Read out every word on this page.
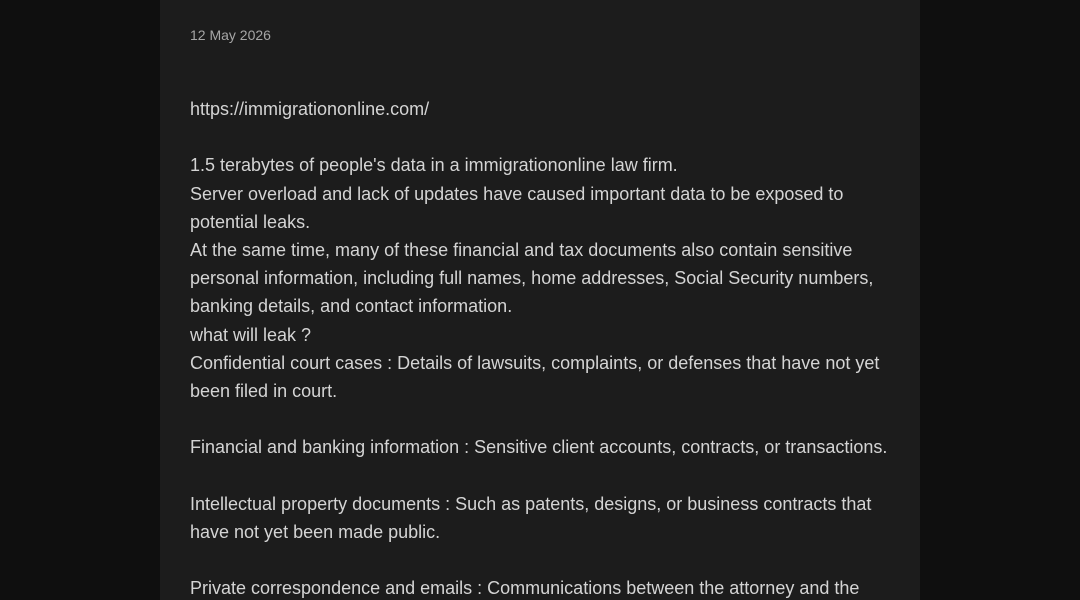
12 May 2026

https://immigrationonline.com/

1.5 terabytes of people's data in a immigrationonline law firm.

Server overload and lack of updates have caused important data to be exposed to

potential leaks.

At the same time, many of these financial and tax documents also contain sensitive

personal information, including full names, home addresses, Social Security numbers,

banking details, and contact information.

what will leak ?

Confidential court cases : Details of lawsuits, complaints, or defenses that have not yet

been filed in court.

Financial and banking information : Sensitive client accounts, contracts, or transactions.

Intellectual property documents : Such as patents, designs, or business contracts that

have not yet been made public.

Private correspondence and emails : Communications between the attorney and the
